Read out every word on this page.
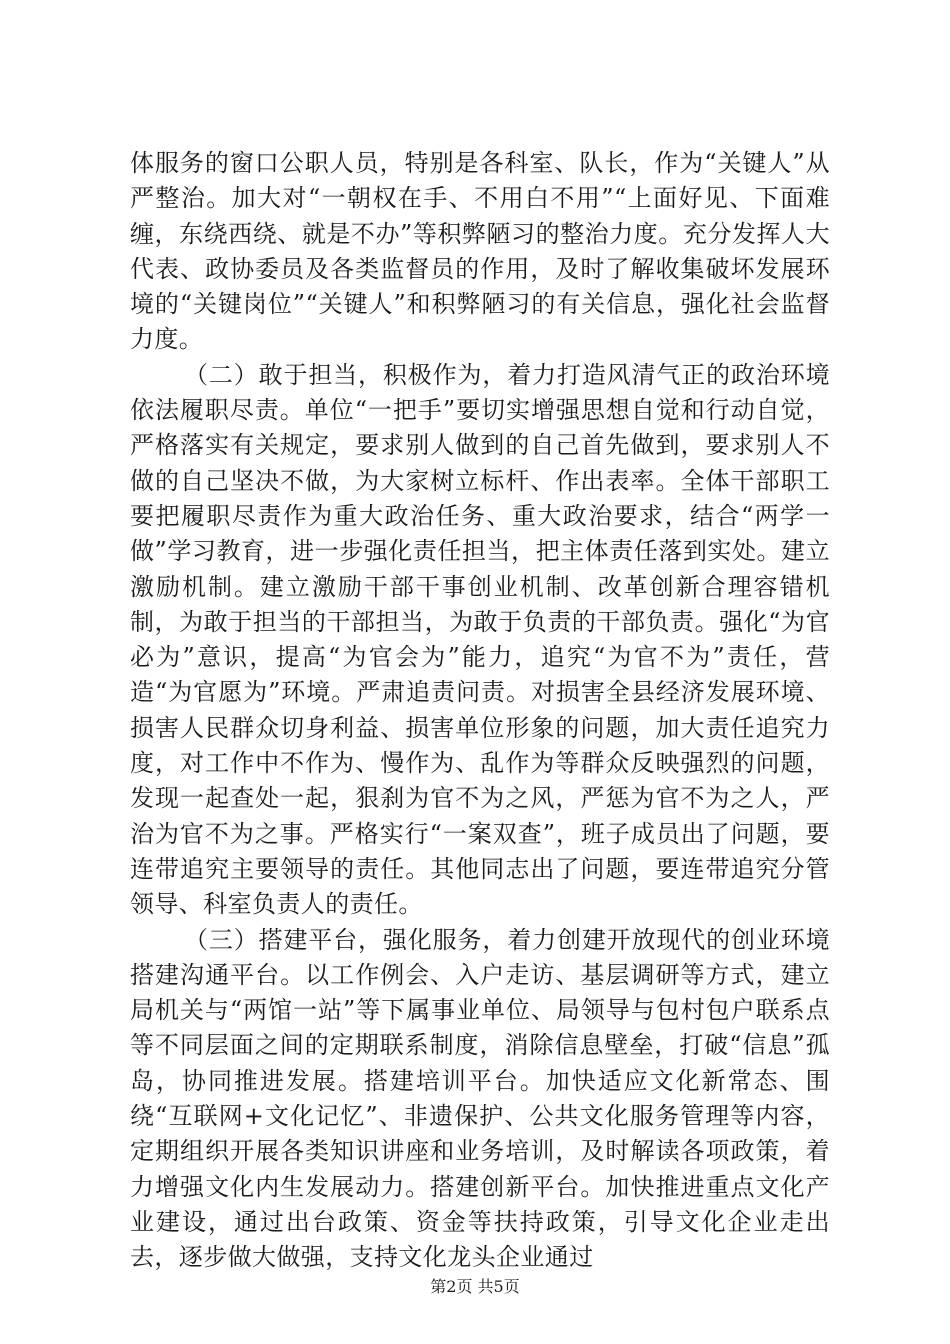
体服务的窗口公职人员，特别是各科室、队长，作为“关键人”从严整治。加大对“一朝权在手、不用白不用”“上面好见、下面难缠，东绕西绕、就是不办”等积弊陋习的整治力度。充分发挥人大代表、政协委员及各类监督员的作用，及时了解收集破坏发展环境的“关键岗位”“关键人”和积弊陋习的有关信息，强化社会监督力度。

（二）敢于担当，积极作为，着力打造风清气正的政治环境依法履职尽责。单位“一把手”要切实增强思想自觉和行动自觉，严格落实有关规定，要求别人做到的自己首先做到，要求别人不做的自己坚决不做，为大家树立标杆、作出表率。全体干部职工要把履职尽责作为重大政治任务、重大政治要求，结合“两学一做”学习教育，进一步强化责任担当，把主体责任落到实处。建立激励机制。建立激励干部干事创业机制、改革创新合理容错机制，为敢于担当的干部担当，为敢于负责的干部负责。强化“为官必为”意识，提高“为官会为”能力，追究“为官不为”责任，营造“为官愿为”环境。严肃追责问责。对损害全县经济发展环境、损害人民群众切身利益、损害单位形象的问题，加大责任追究力度，对工作中不作为、慢作为、乱作为等群众反映强烈的问题，发现一起查处一起，狠刹为官不为之风，严惩为官不为之人，严治为官不为之事。严格实行“一案双查”，班子成员出了问题，要连带追究主要领导的责任。其他同志出了问题，要连带追究分管领导、科室负责人的责任。

（三）搭建平台，强化服务，着力创建开放现代的创业环境搭建沟通平台。以工作例会、入户走访、基层调研等方式，建立局机关与“两馆一站”等下属事业单位、局领导与包村包户联系点等不同层面之间的定期联系制度，消除信息壁垒，打破“信息”孤岛，协同推进发展。搭建培训平台。加快适应文化新常态、围绕“互联网+文化记忆”、非遗保护、公共文化服务管理等内容，定期组织开展各类知识讲座和业务培训，及时解读各项政策，着力增强文化内生发展动力。搭建创新平台。加快推进重点文化产业建设，通过出台政策、资金等扶持政策，引导文化企业走出去，逐步做大做强，支持文化龙头企业通过

第2页 共5页
